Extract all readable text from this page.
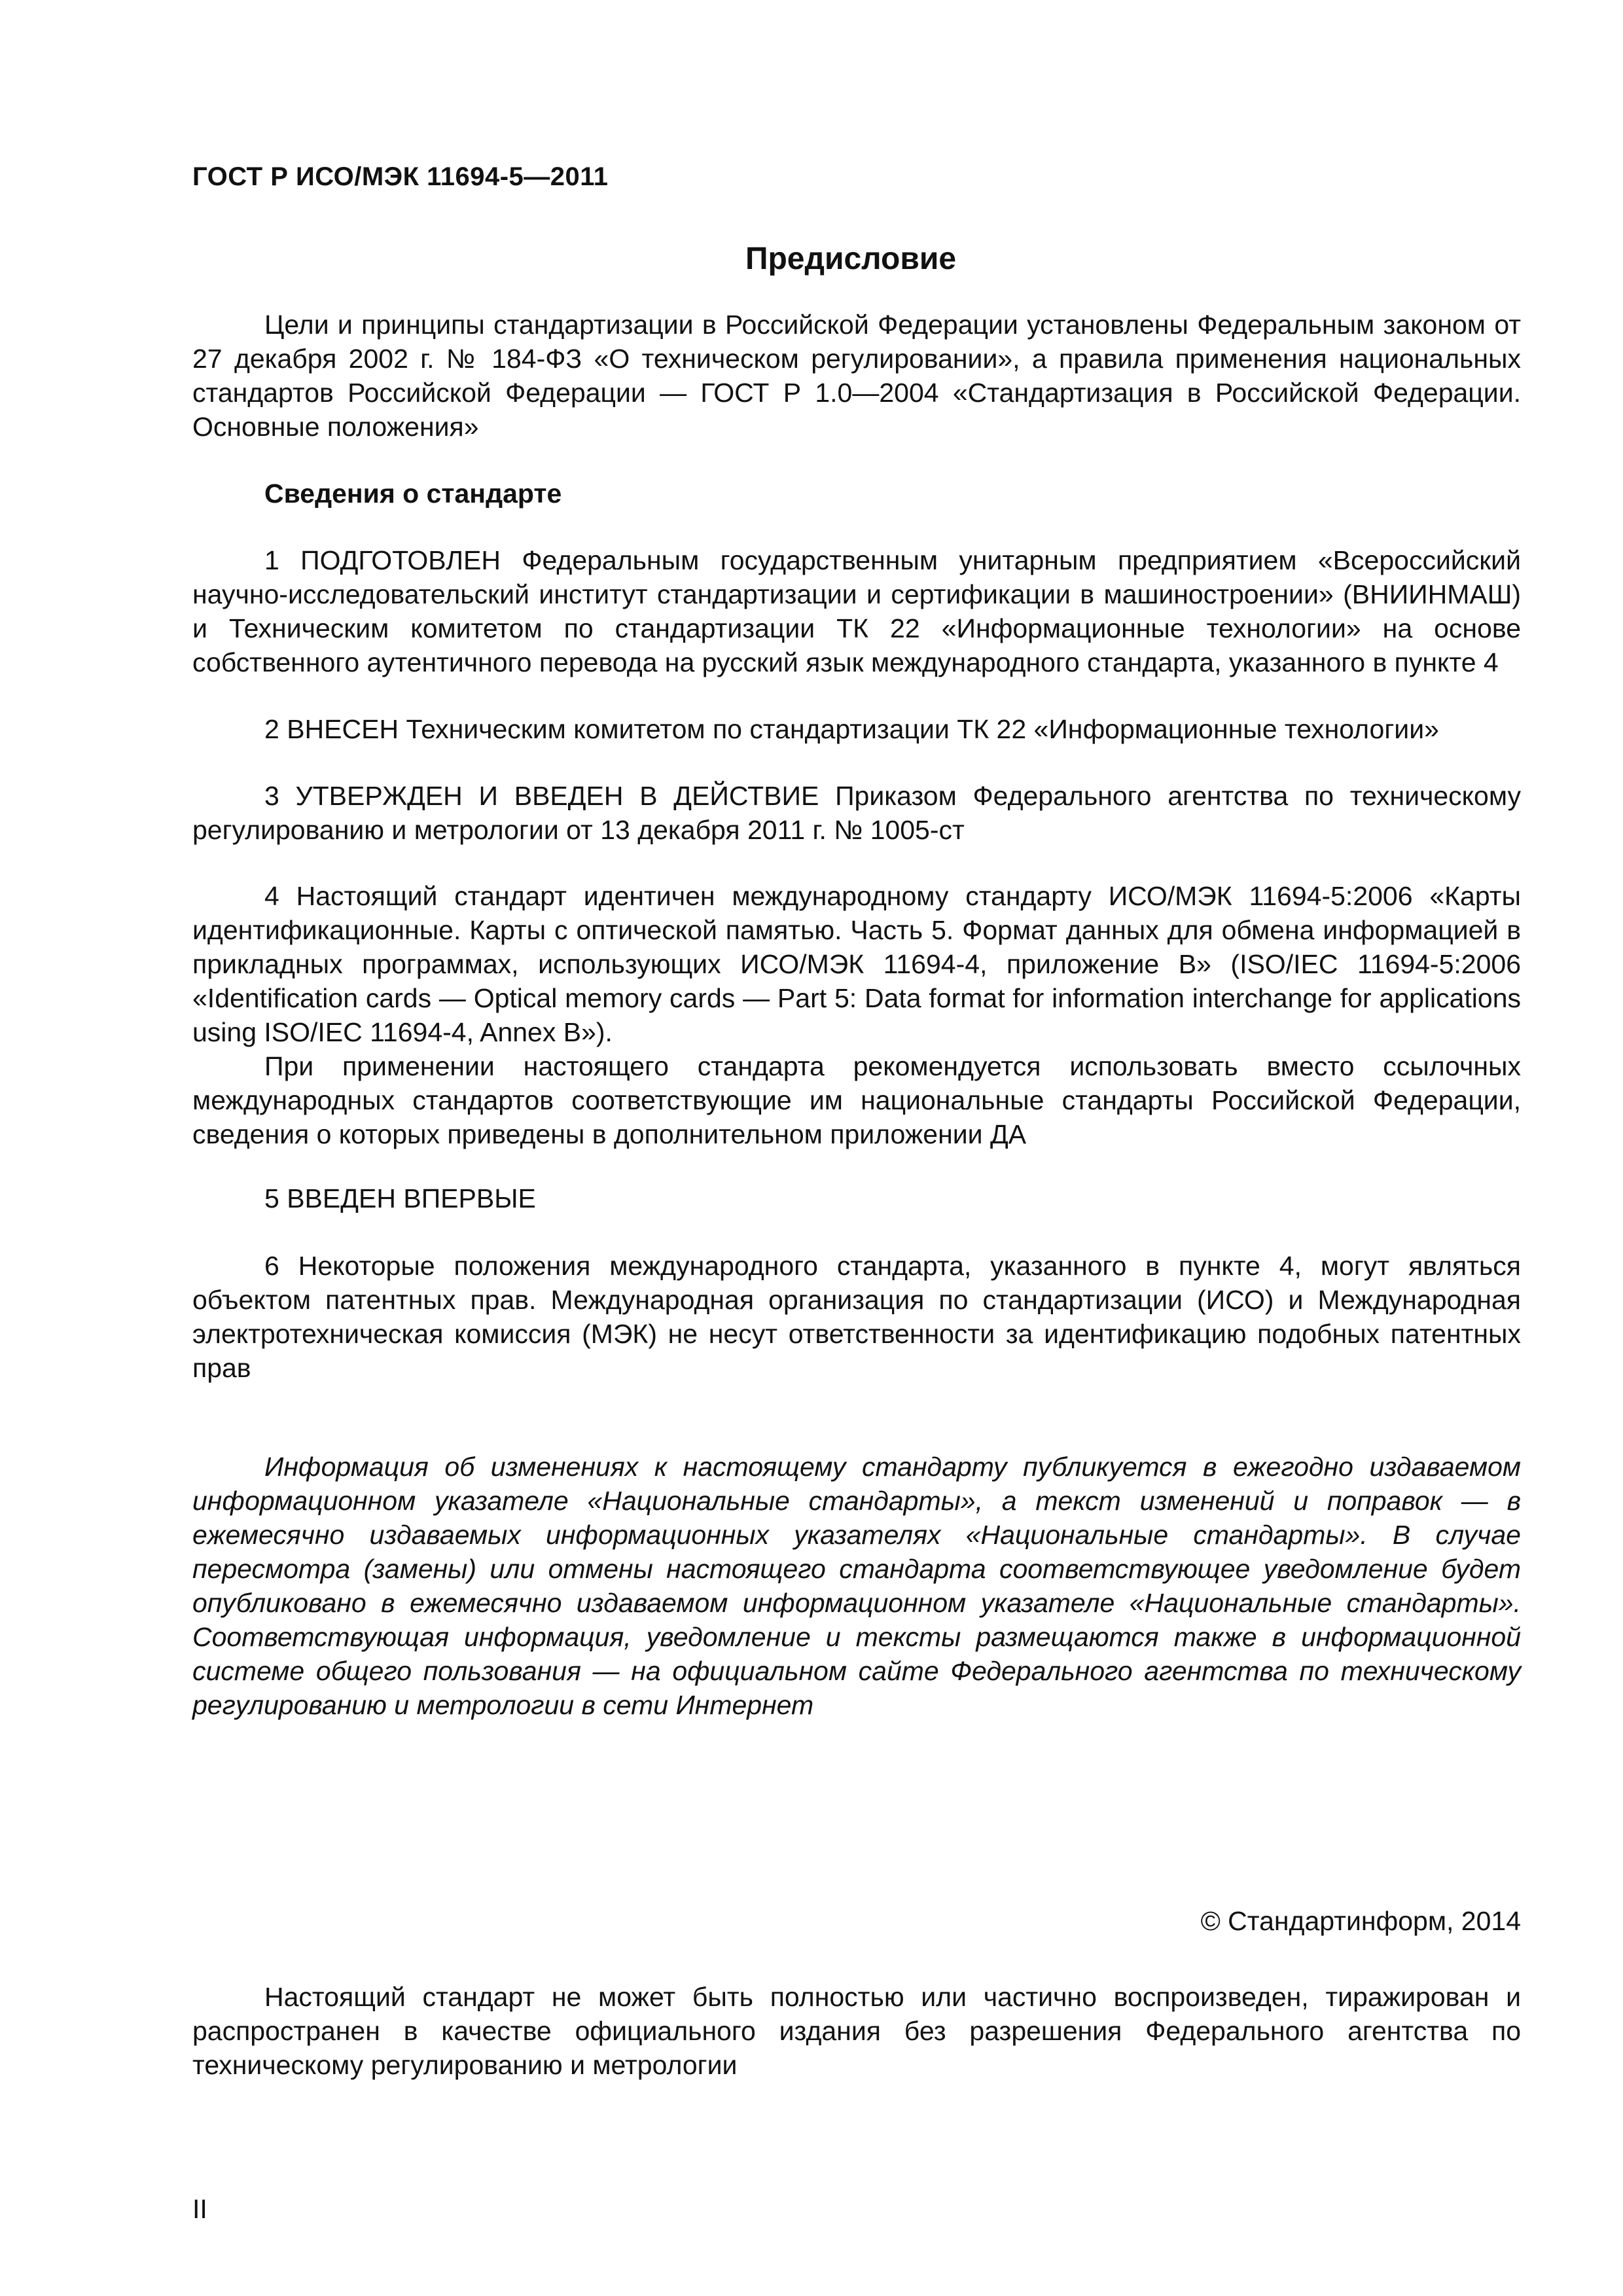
ГОСТ Р ИСО/МЭК 11694-5—2011
Предисловие

Цели и принципы стандартизации в Российской Федерации установлены Федеральным законом от 27 декабря 2002 г. № 184-ФЗ «О техническом регулировании», а правила применения национальных стандартов Российской Федерации — ГОСТ Р 1.0—2004 «Стандартизация в Российской Федерации. Основные положения»

Сведения о стандарте

1 ПОДГОТОВЛЕН Федеральным государственным унитарным предприятием «Всероссийский научно-исследовательский институт стандартизации и сертификации в машиностроении» (ВНИИНМАШ) и Техническим комитетом по стандартизации ТК 22 «Информационные технологии» на основе собственного аутентичного перевода на русский язык международного стандарта, указанного в пункте 4

2 ВНЕСЕН Техническим комитетом по стандартизации ТК 22 «Информационные технологии»

3 УТВЕРЖДЕН И ВВЕДЕН В ДЕЙСТВИЕ Приказом Федерального агентства по техническому регулированию и метрологии от 13 декабря 2011 г. № 1005-ст

4 Настоящий стандарт идентичен международному стандарту ИСО/МЭК 11694-5:2006 «Карты идентификационные. Карты с оптической памятью. Часть 5. Формат данных для обмена информацией в прикладных программах, использующих ИСО/МЭК 11694-4, приложение В» (ISO/IEC 11694-5:2006 «Identification cards — Optical memory cards — Part 5: Data format for information interchange for applications using ISO/IEC 11694-4, Annex B»).

При применении настоящего стандарта рекомендуется использовать вместо ссылочных международных стандартов соответствующие им национальные стандарты Российской Федерации, сведения о которых приведены в дополнительном приложении ДА

5 ВВЕДЕН ВПЕРВЫЕ

6 Некоторые положения международного стандарта, указанного в пункте 4, могут являться объектом патентных прав. Международная организация по стандартизации (ИСО) и Международная электротехническая комиссия (МЭК) не несут ответственности за идентификацию подобных патентных прав

Информация об изменениях к настоящему стандарту публикуется в ежегодно издаваемом информационном указателе «Национальные стандарты», а текст изменений и поправок — в ежемесячно издаваемых информационных указателях «Национальные стандарты». В случае пересмотра (замены) или отмены настоящего стандарта соответствующее уведомление будет опубликовано в ежемесячно издаваемом информационном указателе «Национальные стандарты». Соответствующая информация, уведомление и тексты размещаются также в информационной системе общего пользования — на официальном сайте Федерального агентства по техническому регулированию и метрологии в сети Интернет

© Стандартинформ, 2014

Настоящий стандарт не может быть полностью или частично воспроизведен, тиражирован и распространен в качестве официального издания без разрешения Федерального агентства по техническому регулированию и метрологии

II
